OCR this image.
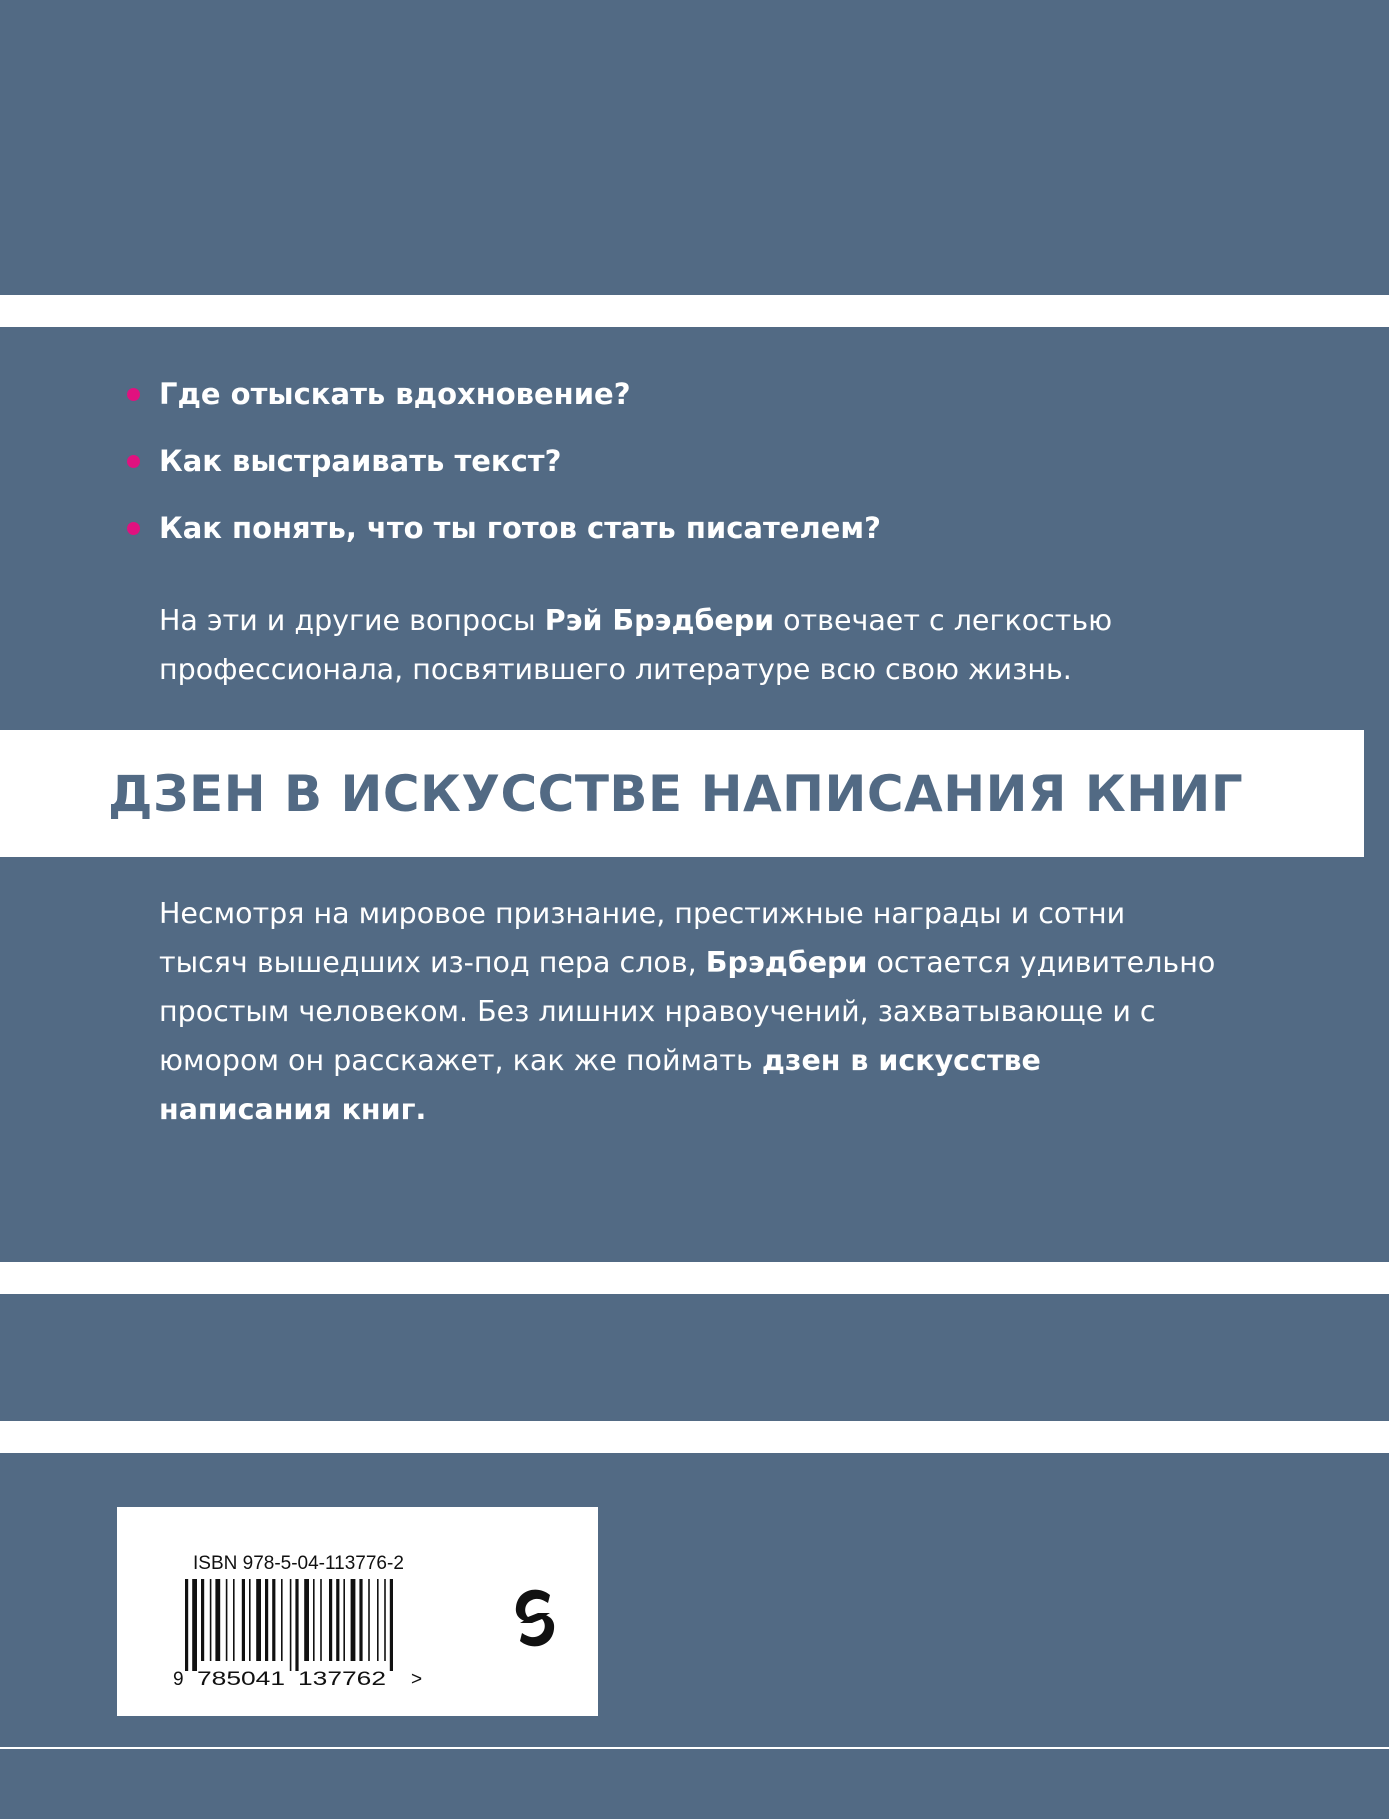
Где отыскать вдохновение?
Как выстраивать текст?
Как понять, что ты готов стать писателем?

На эти и другие вопросы Рэй Брэдбери отвечает с легкостью профессионала, посвятившего литературе всю свою жизнь.

ДЗЕН В ИСКУССТВЕ НАПИСАНИЯ КНИГ

Несмотря на мировое признание, престижные награды и сотни тысяч вышедших из-под пера слов, Брэдбери остается удивительно простым человеком. Без лишних нравоучений, захватывающе и с юмором он расскажет, как же поймать дзен в искусстве написания книг.

ISBN 978-5-04-113776-2
9 785041 137762 >
